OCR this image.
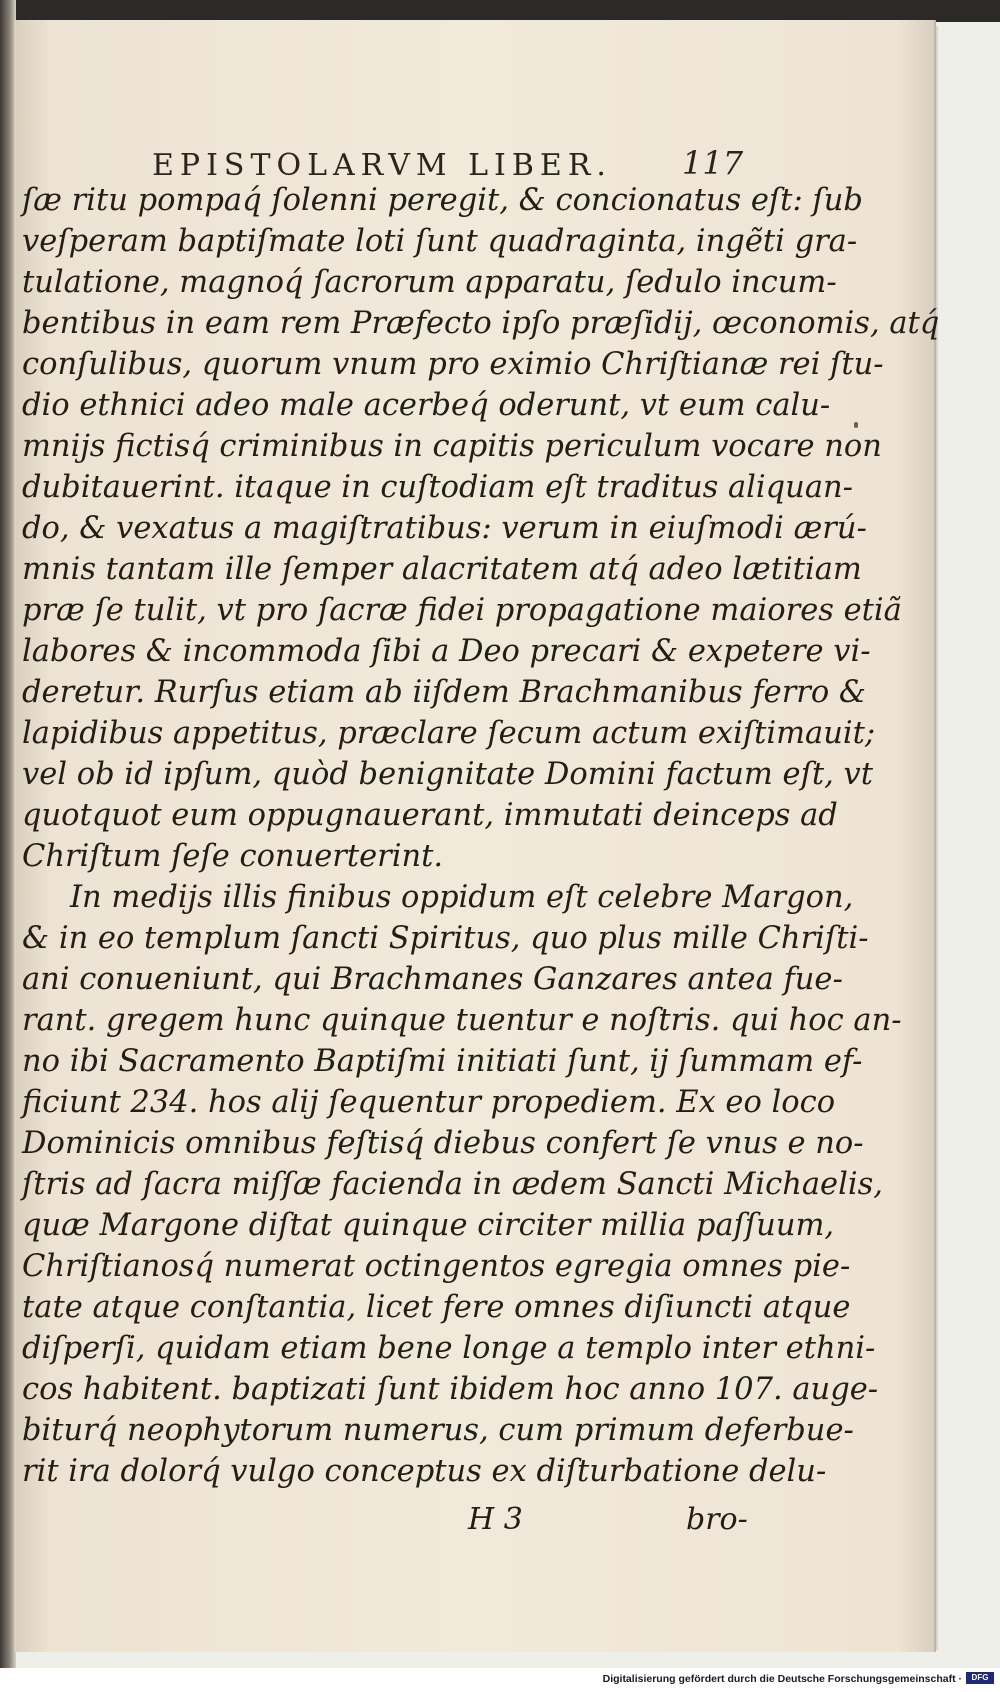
EPISTOLARVM LIBER. 117
ſæ ritu pompaq́ ſolenni peregit, & concionatus eſt: ſub
veſperam baptiſmate loti ſunt quadraginta, ingẽti gra-
tulatione, magnoq́ ſacrorum apparatu, ſedulo incum-
bentibus in eam rem Præfecto ipſo præſidij, œconomis, atq́
conſulibus, quorum vnum pro eximio Chriſtianæ rei ſtu-
dio ethnici adeo male acerbeq́ oderunt, vt eum calu-
mnijs fictisq́ criminibus in capitis periculum vocare non
dubitauerint. itaque in cuſtodiam eſt traditus aliquan-
do, & vexatus a magiſtratibus: verum in eiuſmodi ærú-
mnis tantam ille ſemper alacritatem atq́ adeo lætitiam
præ ſe tulit, vt pro ſacræ fidei propagatione maiores etiã
labores & incommoda ſibi a Deo precari & expetere vi-
deretur. Rurſus etiam ab iiſdem Brachmanibus ferro &
lapidibus appetitus, præclare ſecum actum exiſtimauit;
vel ob id ipſum, quòd benignitate Domini factum eſt, vt
quotquot eum oppugnauerant, immutati deinceps ad
Chriſtum ſeſe conuerterint.
In medijs illis finibus oppidum eſt celebre Margon,
& in eo templum ſancti Spiritus, quo plus mille Chriſti-
ani conueniunt, qui Brachmanes Ganzares antea fue-
rant. gregem hunc quinque tuentur e noſtris. qui hoc an-
no ibi Sacramento Baptiſmi initiati ſunt, ij ſummam ef-
ficiunt 234. hos alij ſequentur propediem. Ex eo loco
Dominicis omnibus feſtisq́ diebus confert ſe vnus e no-
ſtris ad ſacra miſſæ facienda in ædem Sancti Michaelis,
quæ Margone diſtat quinque circiter millia paſſuum,
Chriſtianosq́ numerat octingentos egregia omnes pie-
tate atque conſtantia, licet fere omnes diſiuncti atque
diſperſi, quidam etiam bene longe a templo inter ethni-
cos habitent. baptizati ſunt ibidem hoc anno 107. auge-
biturq́ neophytorum numerus, cum primum deferbue-
rit ira dolorq́ vulgo conceptus ex diſturbatione delu-
H 3	bro-
Digitalisierung gefördert durch die Deutsche Forschungsgemeinschaft ·	DFG
